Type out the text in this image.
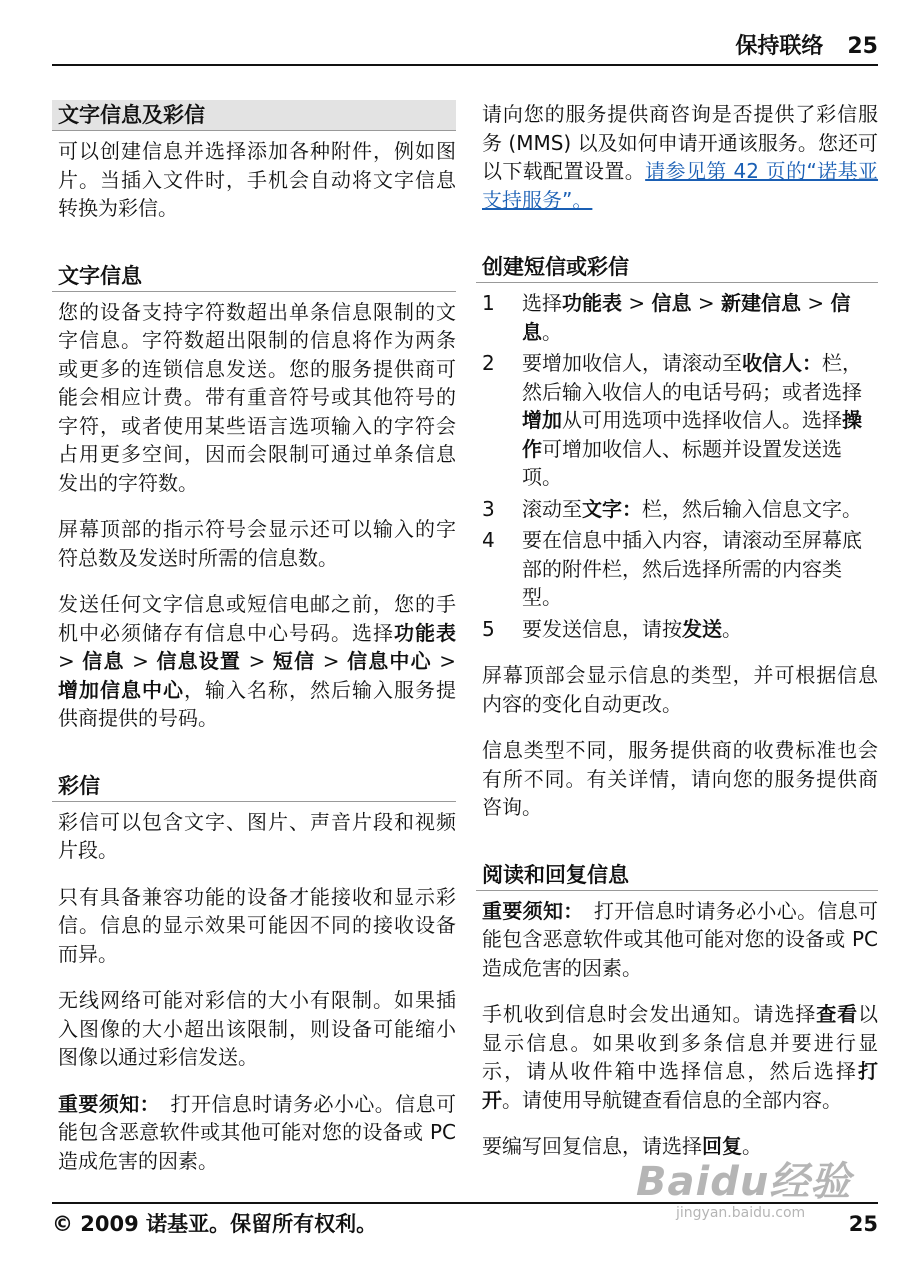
保持联络 25
文字信息及彩信
可以创建信息并选择添加各种附件，例如图片。当插入文件时，手机会自动将文字信息转换为彩信。
文字信息
您的设备支持字符数超出单条信息限制的文字信息。字符数超出限制的信息将作为两条或更多的连锁信息发送。您的服务提供商可能会相应计费。带有重音符号或其他符号的字符，或者使用某些语言选项输入的字符会占用更多空间，因而会限制可通过单条信息发出的字符数。
屏幕顶部的指示符号会显示还可以输入的字符总数及发送时所需的信息数。
发送任何文字信息或短信电邮之前，您的手机中必须储存有信息中心号码。选择功能表 > 信息 > 信息设置 > 短信 > 信息中心 > 增加信息中心，输入名称，然后输入服务提供商提供的号码。
彩信
彩信可以包含文字、图片、声音片段和视频片段。
只有具备兼容功能的设备才能接收和显示彩信。信息的显示效果可能因不同的接收设备而异。
无线网络可能对彩信的大小有限制。如果插入图像的大小超出该限制，则设备可能缩小图像以通过彩信发送。
重要须知：　打开信息时请务必小心。信息可能包含恶意软件或其他可能对您的设备或 PC 造成危害的因素。
请向您的服务提供商咨询是否提供了彩信服务 (MMS) 以及如何申请开通该服务。您还可以下载配置设置。请参见第 42 页的“诺基亚支持服务”。
创建短信或彩信
1	选择功能表 > 信息 > 新建信息 > 信息。
2	要增加收信人，请滚动至收信人：栏，然后输入收信人的电话号码；或者选择增加从可用选项中选择收信人。选择操作可增加收信人、标题并设置发送选项。
3	滚动至文字：栏，然后输入信息文字。
4	要在信息中插入内容，请滚动至屏幕底部的附件栏，然后选择所需的内容类型。
5	要发送信息，请按发送。
屏幕顶部会显示信息的类型，并可根据信息内容的变化自动更改。
信息类型不同，服务提供商的收费标准也会有所不同。有关详情，请向您的服务提供商咨询。
阅读和回复信息
重要须知：　打开信息时请务必小心。信息可能包含恶意软件或其他可能对您的设备或 PC 造成危害的因素。
手机收到信息时会发出通知。请选择查看以显示信息。如果收到多条信息并要进行显示，请从收件箱中选择信息，然后选择打开。请使用导航键查看信息的全部内容。
要编写回复信息，请选择回复。
Baidu经验
jingyan.baidu.com
© 2009 诺基亚。保留所有权利。	25
